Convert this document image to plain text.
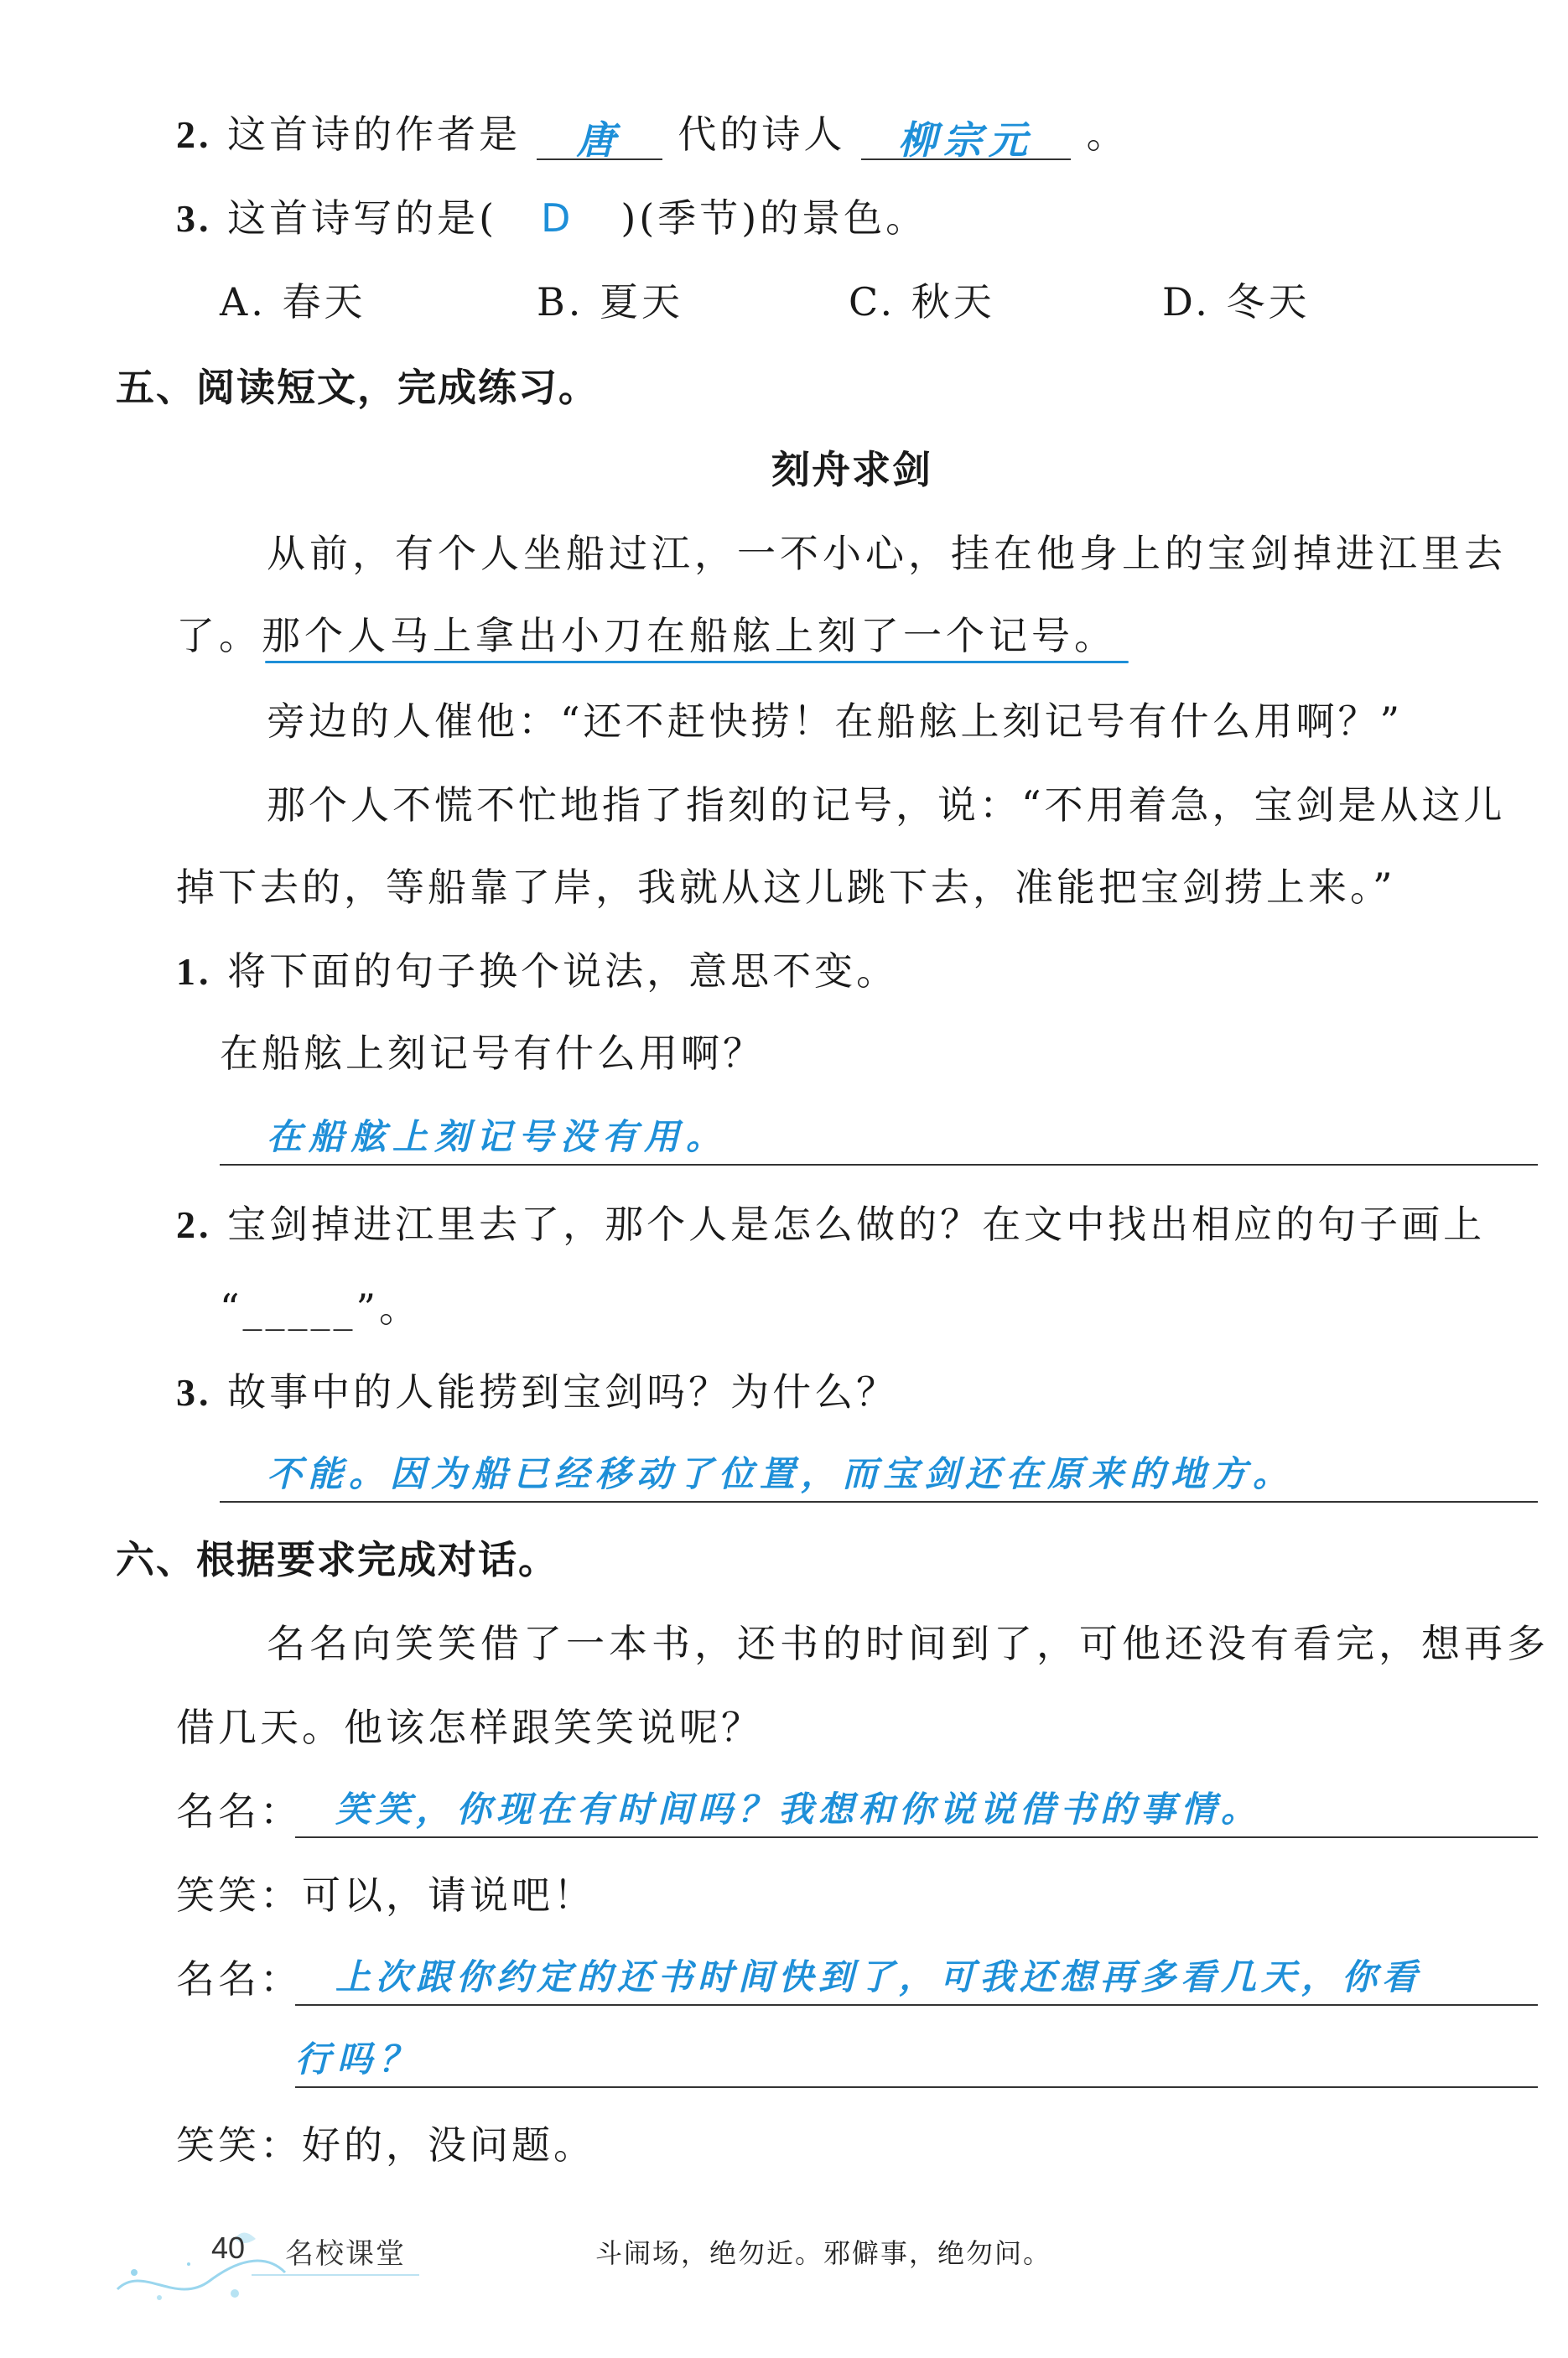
2. 这首诗的作者是 唐 代的诗人 柳宗元 。
3. 这首诗写的是( D )(季节)的景色。
A. 春天	B. 夏天	C. 秋天	D. 冬天
五、阅读短文，完成练习。
刻舟求剑
从前，有个人坐船过江，一不小心，挂在他身上的宝剑掉进江里去
了。那个人马上拿出小刀在船舷上刻了一个记号。
旁边的人催他：“还不赶快捞！在船舷上刻记号有什么用啊？”
那个人不慌不忙地指了指刻的记号，说：“不用着急，宝剑是从这儿
掉下去的，等船靠了岸，我就从这儿跳下去，准能把宝剑捞上来。”
1. 将下面的句子换个说法，意思不变。
在船舷上刻记号有什么用啊？
在船舷上刻记号没有用。
2. 宝剑掉进江里去了，那个人是怎么做的？在文中找出相应的句子画上
“_____”。
3. 故事中的人能捞到宝剑吗？为什么？
不能。因为船已经移动了位置，而宝剑还在原来的地方。
六、根据要求完成对话。
名名向笑笑借了一本书，还书的时间到了，可他还没有看完，想再多
借几天。他该怎样跟笑笑说呢？
名名： 笑笑，你现在有时间吗？我想和你说说借书的事情。
笑笑：可以，请说吧！
名名： 上次跟你约定的还书时间快到了，可我还想再多看几天，你看
行吗？
笑笑：好的，没问题。
40 名校课堂	斗闹场，绝勿近。邪僻事，绝勿问。
